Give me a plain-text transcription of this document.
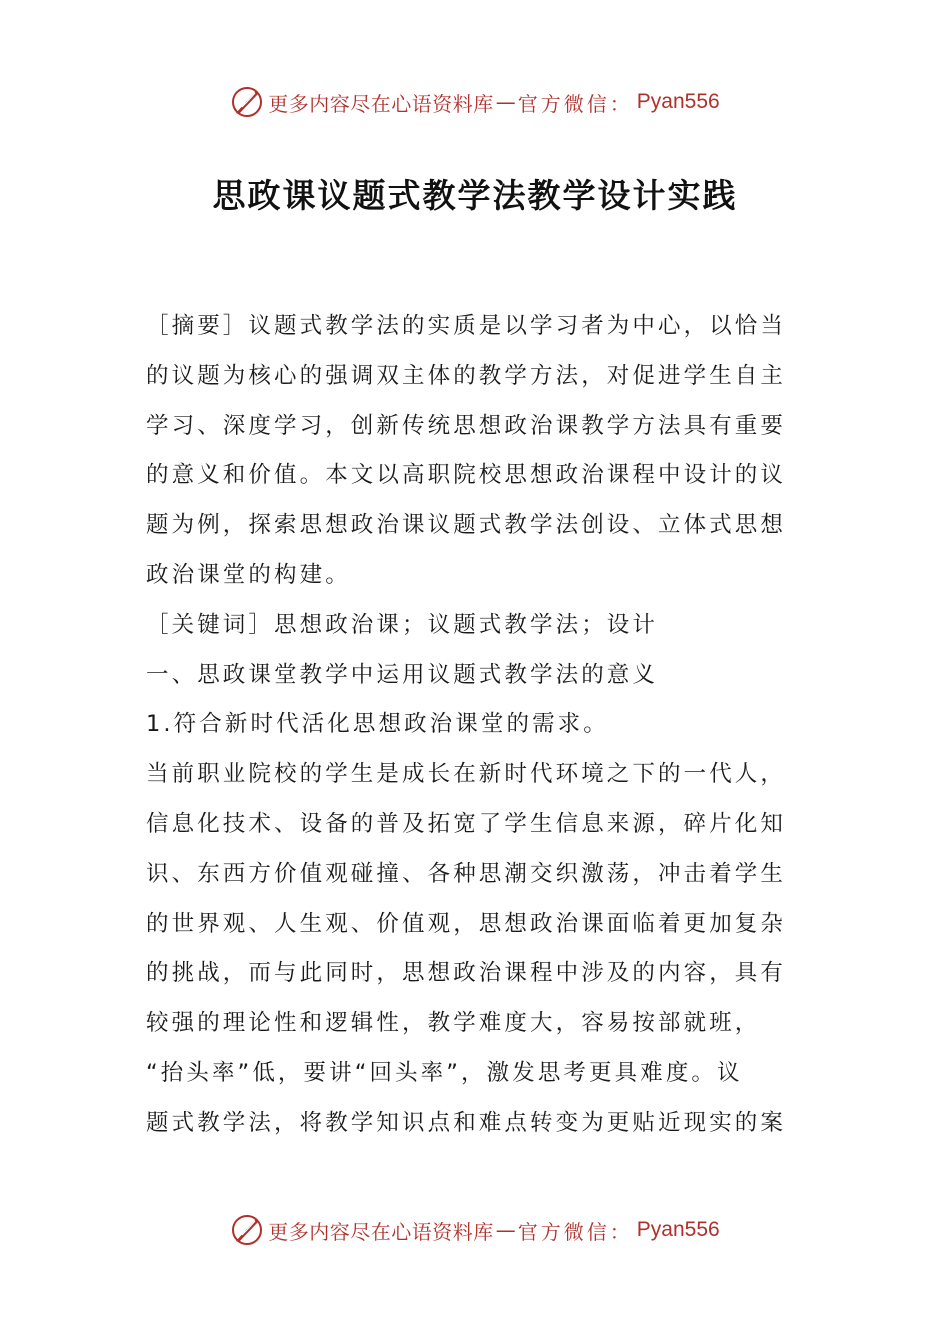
更多内容尽在心语资料库 — 官方微信： Pyan556
思政课议题式教学法教学设计实践

［摘要］议题式教学法的实质是以学习者为中心，以恰当
的议题为核心的强调双主体的教学方法，对促进学生自主
学习、深度学习，创新传统思想政治课教学方法具有重要
的意义和价值。本文以高职院校思想政治课程中设计的议
题为例，探索思想政治课议题式教学法创设、立体式思想
政治课堂的构建。

［关键词］思想政治课；议题式教学法；设计

一、思政课堂教学中运用议题式教学法的意义

1.符合新时代活化思想政治课堂的需求。

当前职业院校的学生是成长在新时代环境之下的一代人，
信息化技术、设备的普及拓宽了学生信息来源，碎片化知
识、东西方价值观碰撞、各种思潮交织激荡，冲击着学生
的世界观、人生观、价值观，思想政治课面临着更加复杂
的挑战，而与此同时，思想政治课程中涉及的内容，具有
较强的理论性和逻辑性，教学难度大，容易按部就班，
“抬头率”低，要讲“回头率”，激发思考更具难度。议
题式教学法，将教学知识点和难点转变为更贴近现实的案

更多内容尽在心语资料库 — 官方微信： Pyan556
